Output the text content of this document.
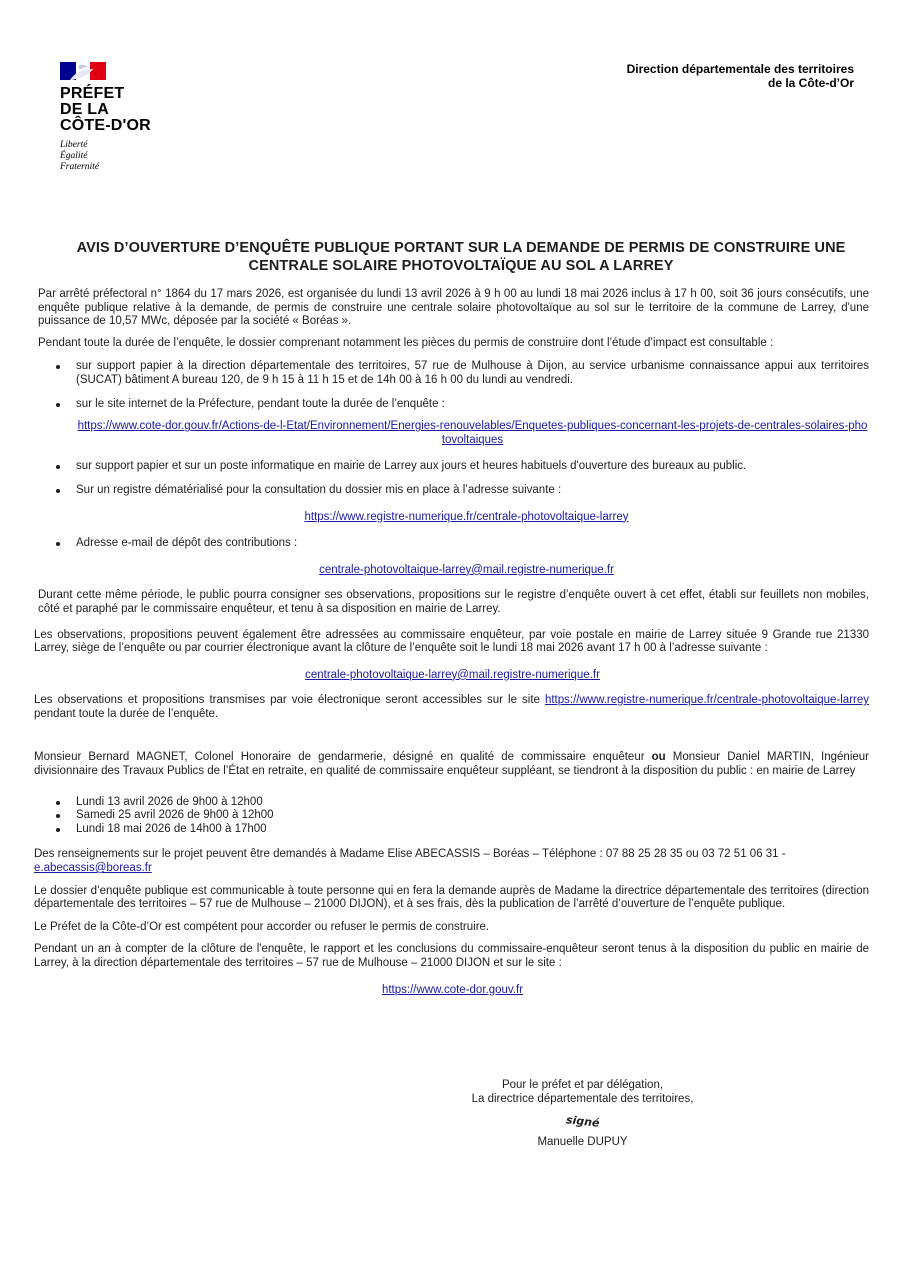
PRÉFET
DE LA
CÔTE-D'OR
Liberté
Égalité
Fraternité
Direction départementale des territoires
de la Côte-d’Or
AVIS D’OUVERTURE D’ENQUÊTE PUBLIQUE PORTANT SUR LA DEMANDE DE PERMIS DE CONSTRUIRE UNE CENTRALE SOLAIRE PHOTOVOLTAÏQUE AU SOL A LARREY

Par arrêté préfectoral n° 1864 du 17 mars 2026, est organisée du lundi 13 avril 2026 à 9 h 00 au lundi 18 mai 2026 inclus à 17 h 00, soit 36 jours consécutifs, une enquête publique relative à la demande, de permis de construire une centrale solaire photovoltaïque au sol sur le territoire de la commune de Larrey, d'une puissance de 10,57 MWc, déposée par la société « Boréas ».

Pendant toute la durée de l’enquête, le dossier comprenant notamment les pièces du permis de construire dont l’étude d’impact est consultable :

sur support papier à la direction départementale des territoires, 57 rue de Mulhouse à Dijon, au service urbanisme connaissance appui aux territoires (SUCAT) bâtiment A bureau 120, de 9 h 15 à 11 h 15 et de 14h 00 à 16 h 00 du lundi au vendredi.
sur le site internet de la Préfecture, pendant toute la durée de l’enquête :

https://www.cote-dor.gouv.fr/Actions-de-l-Etat/Environnement/Energies-renouvelables/Enquetes-publiques-concernant-les-projets-de-centrales-solaires-photovoltaiques

sur support papier et sur un poste informatique en mairie de Larrey aux jours et heures habituels d'ouverture des bureaux au public.
Sur un registre dématérialisé pour la consultation du dossier mis en place à l’adresse suivante :

https://www.registre-numerique.fr/centrale-photovoltaique-larrey

Adresse e-mail de dépôt des contributions :

centrale-photovoltaique-larrey@mail.registre-numerique.fr

Durant cette même période, le public pourra consigner ses observations, propositions sur le registre d’enquête ouvert à cet effet, établi sur feuillets non mobiles, côté et paraphé par le commissaire enquêteur, et tenu à sa disposition en mairie de Larrey.

Les observations, propositions peuvent également être adressées au commissaire enquêteur, par voie postale en mairie de Larrey située 9 Grande rue 21330 Larrey, siège de l’enquête ou par courrier électronique avant la clôture de l’enquête soit le lundi 18 mai 2026 avant 17 h 00 à l’adresse suivante :

centrale-photovoltaique-larrey@mail.registre-numerique.fr

Les observations et propositions transmises par voie électronique seront accessibles sur le site https://www.registre-numerique.fr/centrale-photovoltaique-larrey pendant toute la durée de l’enquête.

Monsieur Bernard MAGNET, Colonel Honoraire de gendarmerie, désigné en qualité de commissaire enquêteur ou Monsieur Daniel MARTIN, Ingénieur divisionnaire des Travaux Publics de l’État en retraite, en qualité de commissaire enquêteur suppléant, se tiendront à la disposition du public : en mairie de Larrey

Lundi 13 avril 2026 de 9h00 à 12h00
Samedi 25 avril 2026 de 9h00 à 12h00
Lundi 18 mai 2026 de 14h00 à 17h00

Des renseignements sur le projet peuvent être demandés à Madame Elise ABECASSIS – Boréas – Téléphone : 07 88 25 28 35 ou 03 72 51 06 31 -
e.abecassis@boreas.fr

Le dossier d’enquête publique est communicable à toute personne qui en fera la demande auprès de Madame la directrice départementale des territoires (direction départementale des territoires – 57 rue de Mulhouse – 21000 DIJON), et à ses frais, dès la publication de l’arrêté d’ouverture de l’enquête publique.

Le Préfet de la Côte-d’Or est compétent pour accorder ou refuser le permis de construire.

Pendant un an à compter de la clôture de l'enquête, le rapport et les conclusions du commissaire-enquêteur seront tenus à la disposition du public en mairie de Larrey, à la direction départementale des territoires – 57 rue de Mulhouse – 21000 DIJON et sur le site :

https://www.cote-dor.gouv.fr

Pour le préfet et par délégation,
La directrice départementale des territoires,
signé
Manuelle DUPUY
